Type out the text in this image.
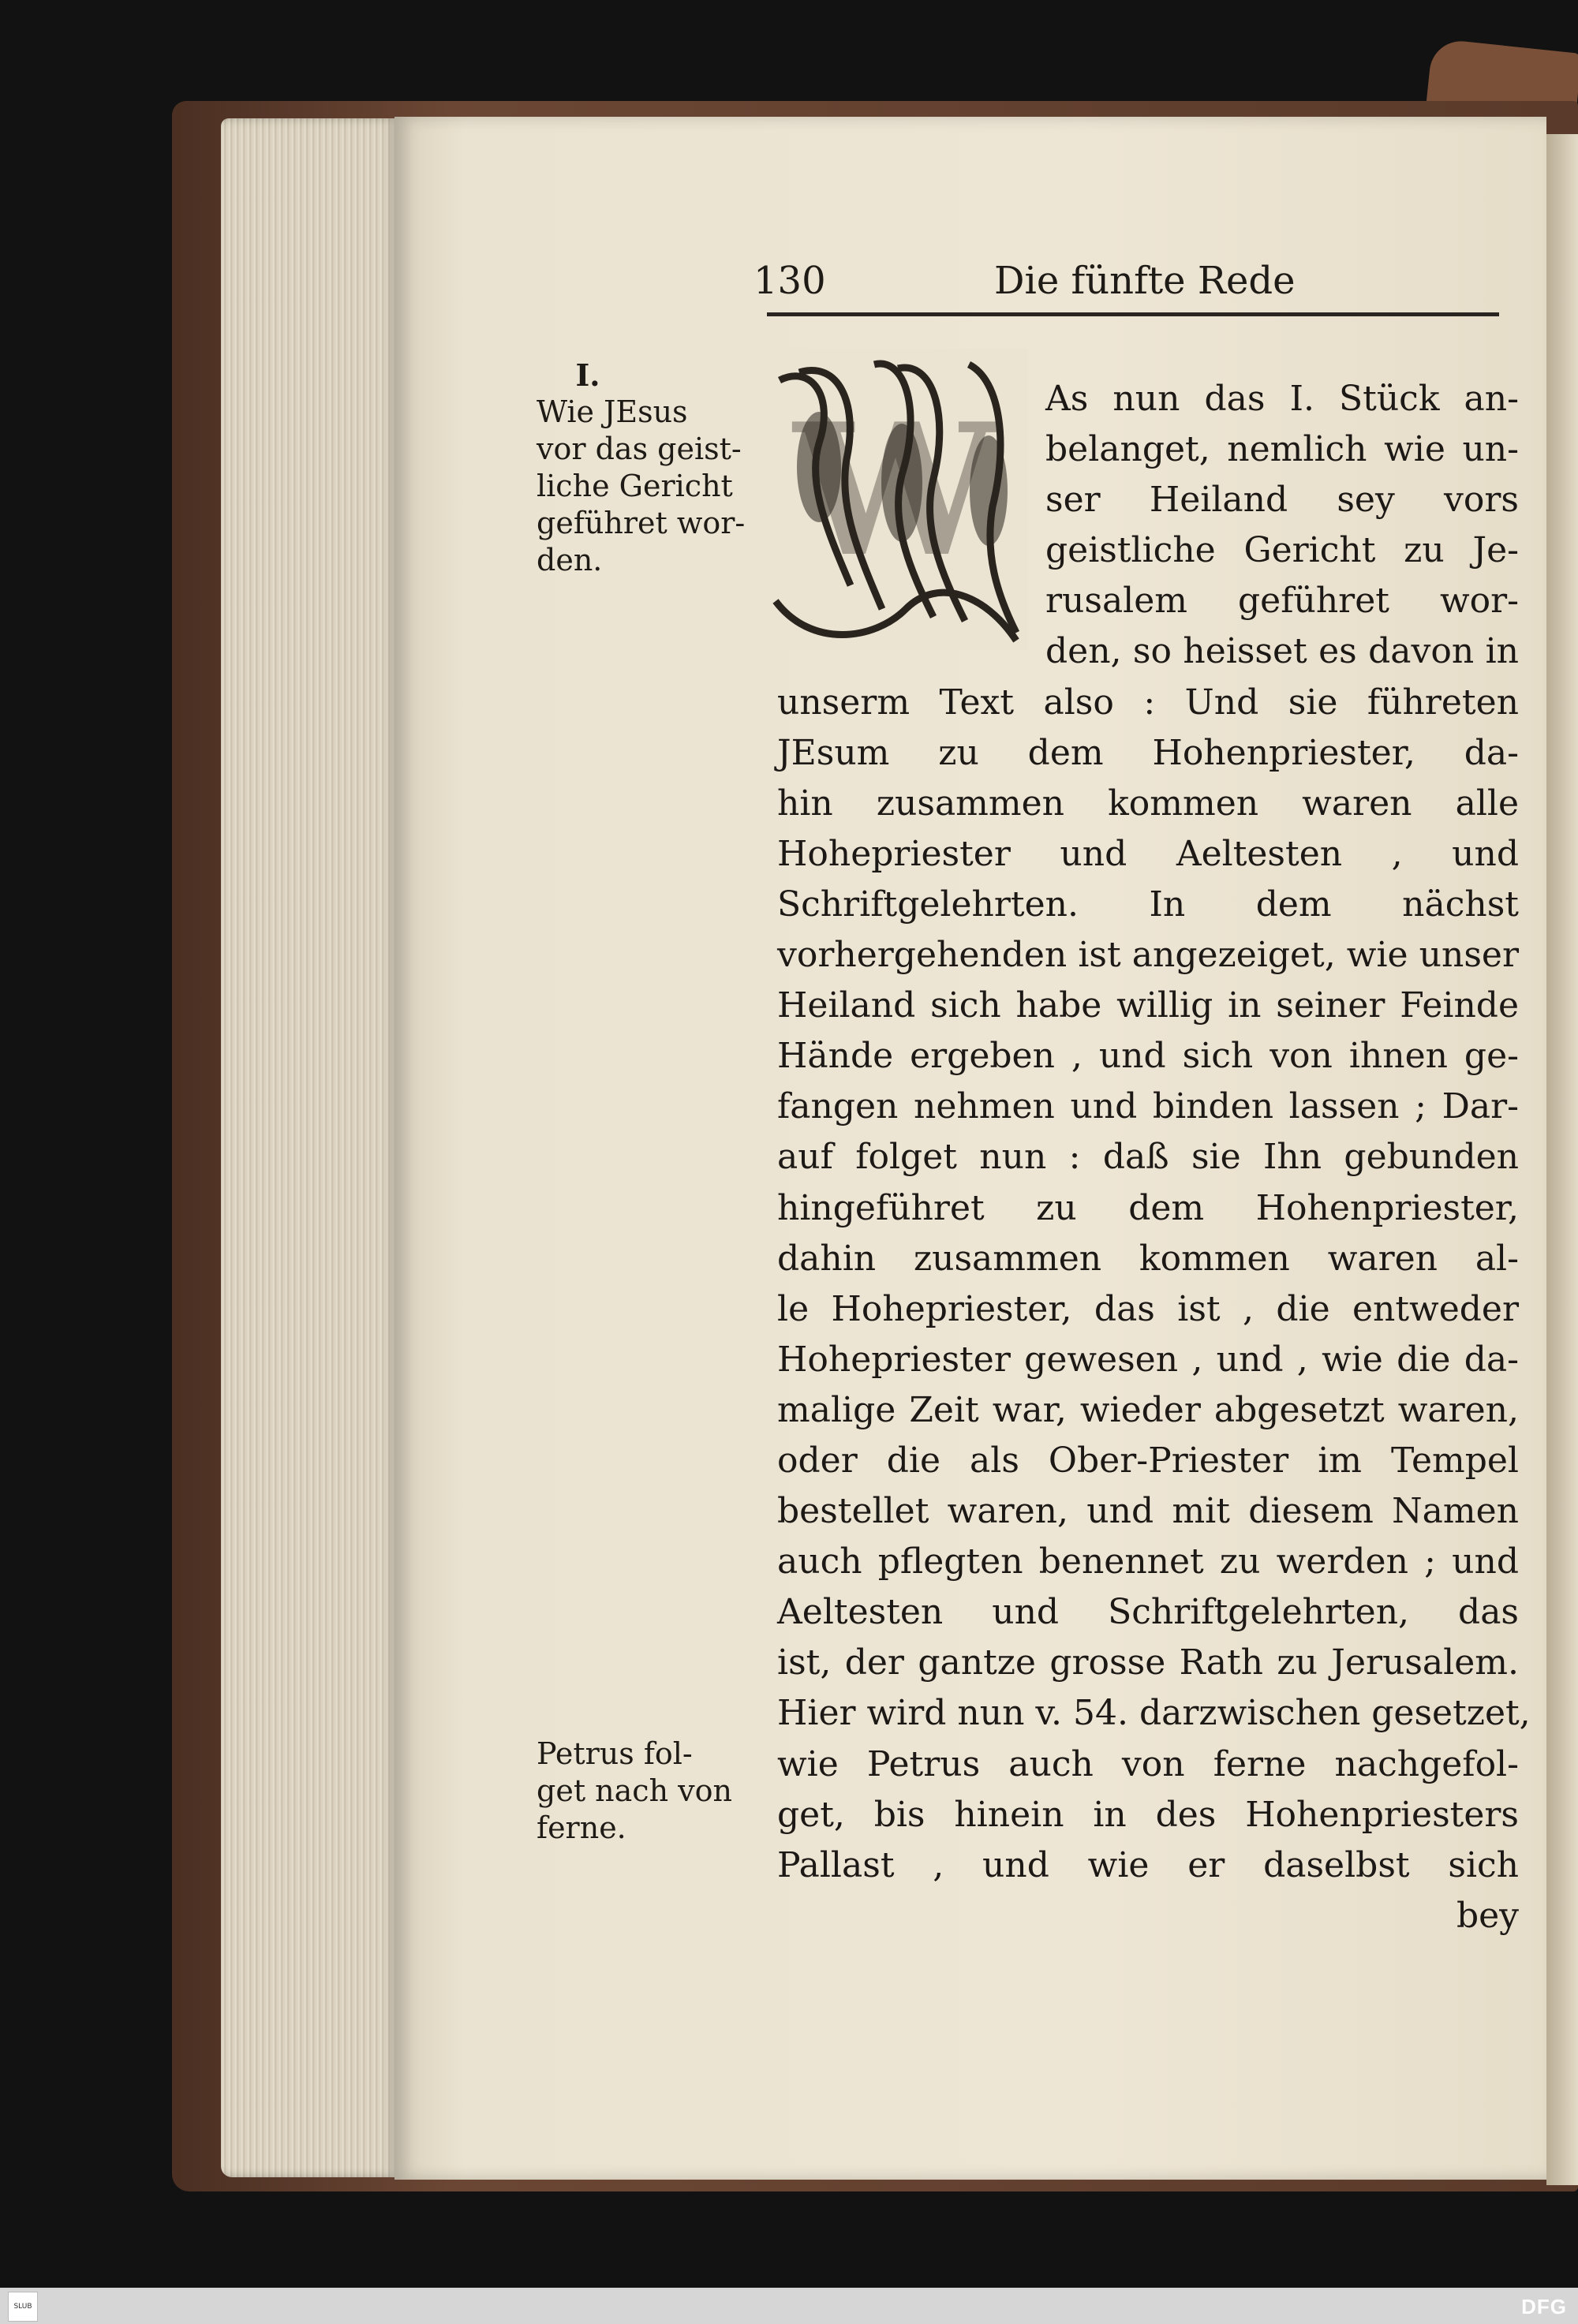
130	Die fünfte Rede
I.
Wie JEsus
vor das geist-
liche Gericht
geführet wor-
den.
Petrus fol-
get nach von
ferne.
W As nun das I. Stück an-
belanget, nemlich wie un-
ser Heiland sey vors
geistliche Gericht zu Je-
rusalem geführet wor-
den, so heisset es davon in
unserm Text also : Und sie führeten
JEsum zu dem Hohenpriester, da-
hin zusammen kommen waren alle
Hohepriester und Aeltesten , und
Schriftgelehrten. In dem nächst
vorhergehenden ist angezeiget, wie unser
Heiland sich habe willig in seiner Feinde
Hände ergeben , und sich von ihnen ge-
fangen nehmen und binden lassen ; Dar-
auf folget nun : daß sie Ihn gebunden
hingeführet zu dem Hohenpriester,
dahin zusammen kommen waren al-
le Hohepriester, das ist , die entweder
Hohepriester gewesen , und , wie die da-
malige Zeit war, wieder abgesetzt waren,
oder die als Ober-Priester im Tempel
bestellet waren, und mit diesem Namen
auch pflegten benennet zu werden ; und
Aeltesten und Schriftgelehrten, das
ist, der gantze grosse Rath zu Jerusalem.
Hier wird nun v. 54. darzwischen gesetzet,
wie Petrus auch von ferne nachgefol-
get, bis hinein in des Hohenpriesters
Pallast , und wie er daselbst sich
bey
SLUB	DFG
